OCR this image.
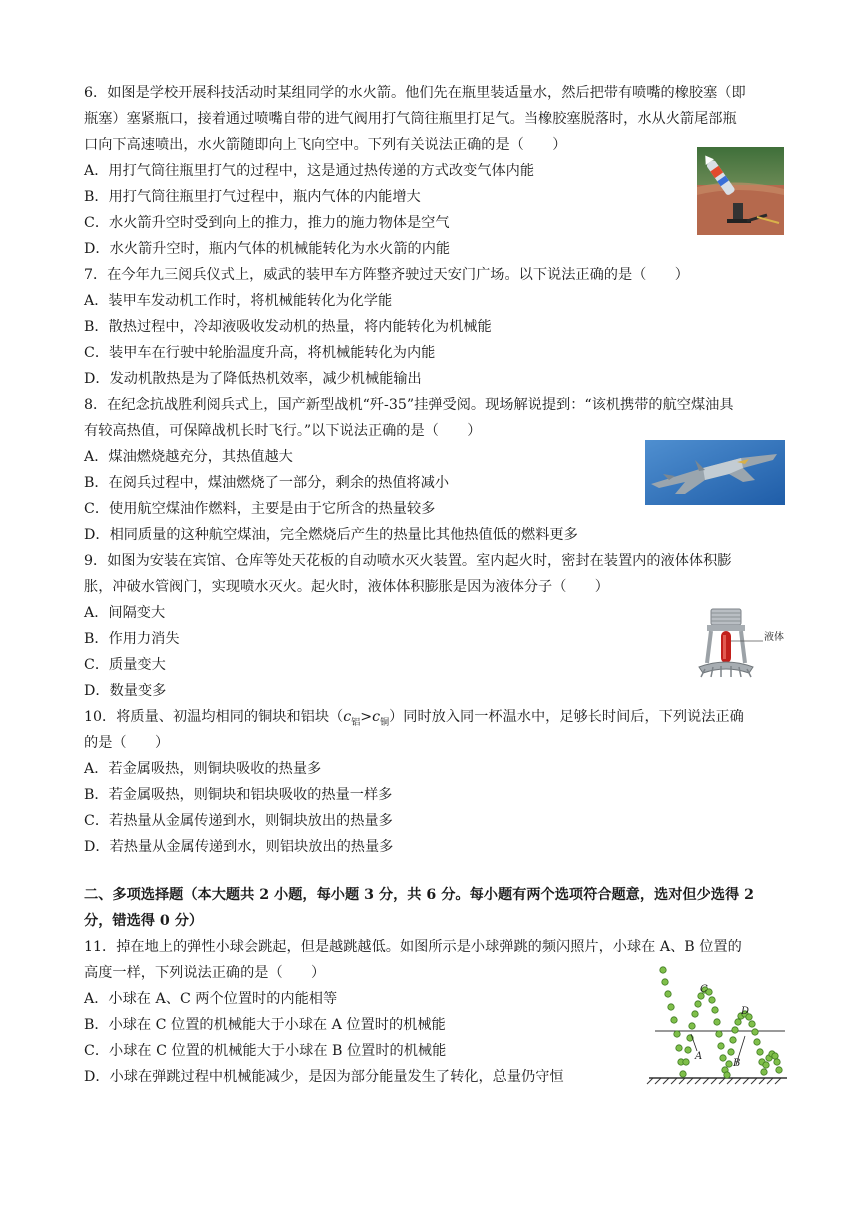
6．如图是学校开展科技活动时某组同学的水火箭。他们先在瓶里装适量水，然后把带有喷嘴的橡胶塞（即
瓶塞）塞紧瓶口，接着通过喷嘴自带的进气阀用打气筒往瓶里打足气。当橡胶塞脱落时，水从火箭尾部瓶
口向下高速喷出，水火箭随即向上飞向空中。下列有关说法正确的是（　　）
A．用打气筒往瓶里打气的过程中，这是通过热传递的方式改变气体内能
B．用打气筒往瓶里打气过程中，瓶内气体的内能增大
C．水火箭升空时受到向上的推力，推力的施力物体是空气
D．水火箭升空时，瓶内气体的机械能转化为水火箭的内能
7．在今年九三阅兵仪式上，威武的装甲车方阵整齐驶过天安门广场。以下说法正确的是（　　）
A．装甲车发动机工作时，将机械能转化为化学能
B．散热过程中，冷却液吸收发动机的热量，将内能转化为机械能
C．装甲车在行驶中轮胎温度升高，将机械能转化为内能
D．发动机散热是为了降低热机效率，减少机械能输出
8．在纪念抗战胜利阅兵式上，国产新型战机“歼-35”挂弹受阅。现场解说提到：“该机携带的航空煤油具
有较高热值，可保障战机长时飞行。”以下说法正确的是（　　）
A．煤油燃烧越充分，其热值越大
B．在阅兵过程中，煤油燃烧了一部分，剩余的热值将减小
C．使用航空煤油作燃料，主要是由于它所含的热量较多
D．相同质量的这种航空煤油，完全燃烧后产生的热量比其他热值低的燃料更多
9．如图为安装在宾馆、仓库等处天花板的自动喷水灭火装置。室内起火时，密封在装置内的液体体积膨
胀，冲破水管阀门，实现喷水灭火。起火时，液体体积膨胀是因为液体分子（　　）
A．间隔变大
B．作用力消失
C．质量变大
D．数量变多
液体
10．将质量、初温均相同的铜块和铝块$(c_铝>c_铜)$同时放入同一杯温水中，足够长时间后，下列说法正确
的是（　　）
A．若金属吸热，则铜块吸收的热量多
B．若金属吸热，则铜块和铝块吸收的热量一样多
C．若热量从金属传递到水，则铜块放出的热量多
D．若热量从金属传递到水，则铝块放出的热量多
二、多项选择题（本大题共 2 小题，每小题 3 分，共 6 分。每小题有两个选项符合题意，选对但少选得 2
分，错选得 0 分）
11．掉在地上的弹性小球会跳起，但是越跳越低。如图所示是小球弹跳的频闪照片，小球在 A、B 位置的
高度一样，下列说法正确的是（　　）
A．小球在 A、C 两个位置时的内能相等
B．小球在 C 位置的机械能大于小球在 A 位置时的机械能
C．小球在 C 位置的机械能大于小球在 B 位置时的机械能
D．小球在弹跳过程中机械能减少，是因为部分能量发生了转化，总量仍守恒
C
D
A
B
